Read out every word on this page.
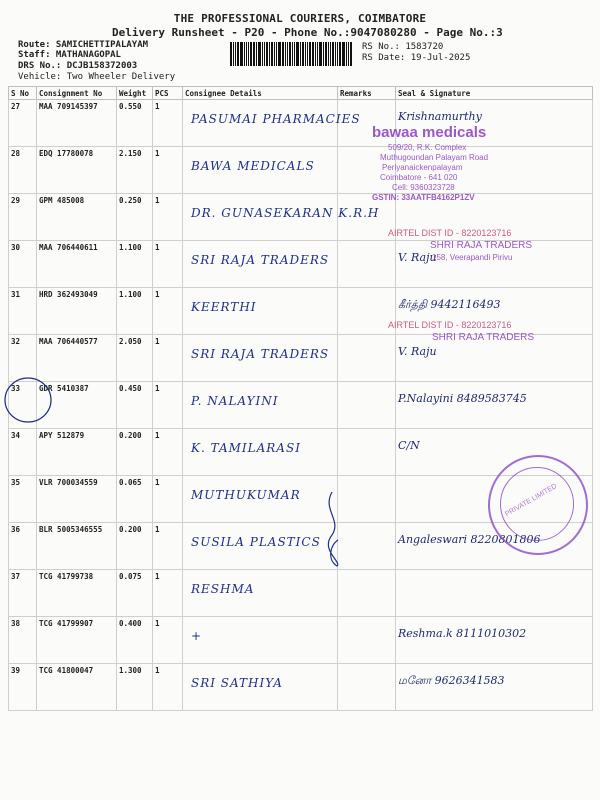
THE PROFESSIONAL COURIERS, COIMBATORE
Delivery Runsheet - P20 - Phone No.:9047080280 - Page No.:3
Route: SAMICHETTIPALAYAM
Staff: MATHANAGOPAL
DRS No.: DCJB158372003
Vehicle: Two Wheeler Delivery
RS No.: 1583720
RS Date: 19-Jul-2025
S No	Consignment No	Weight	PCS	Consignee Details	Remarks	Seal & Signature
27	MAA 709145397	0.550	1	PASUMAI PHARMACIES		Krishnamurthy
28	EDQ 17780078	2.150	1	BAWA MEDICALS		
29	GPM 485008	0.250	1	DR. GUNASEKARAN K.R.H		
30	MAA 706440611	1.100	1	SRI RAJA TRADERS		V. Raju
31	HRD 362493049	1.100	1	KEERTHI		கீர்த்தி 9442116493
32	MAA 706440577	2.050	1	SRI RAJA TRADERS		V. Raju
33	GDR 5410387	0.450	1	P. NALAYINI		P.Nalayini 8489583745
34	APY 512879	0.200	1	K. TAMILARASI		C/N
35	VLR 700034559	0.065	1	MUTHUKUMAR		
36	BLR 5005346555	0.200	1	SUSILA PLASTICS		Angaleswari 8220801806
37	TCG 41799738	0.075	1	RESHMA		
38	TCG 41799907	0.400	1	+		Reshma.k 8111010302
39	TCG 41800047	1.300	1	SRI SATHIYA		மனோ 9626341583
bawaa medicals
509/20, R.K. Complex
Muthugoundan Palayam Road
Periyanaickenpalayam
Coimbatore - 641 020
Cell: 9360323728
GSTIN: 33AATFB4162P1ZV
AIRTEL DIST ID - 8220123716
SHRI RAJA TRADERS
158, Veerapandi Pirivu
AIRTEL DIST ID - 8220123716
SHRI RAJA TRADERS
PRIVATE LIMITED
